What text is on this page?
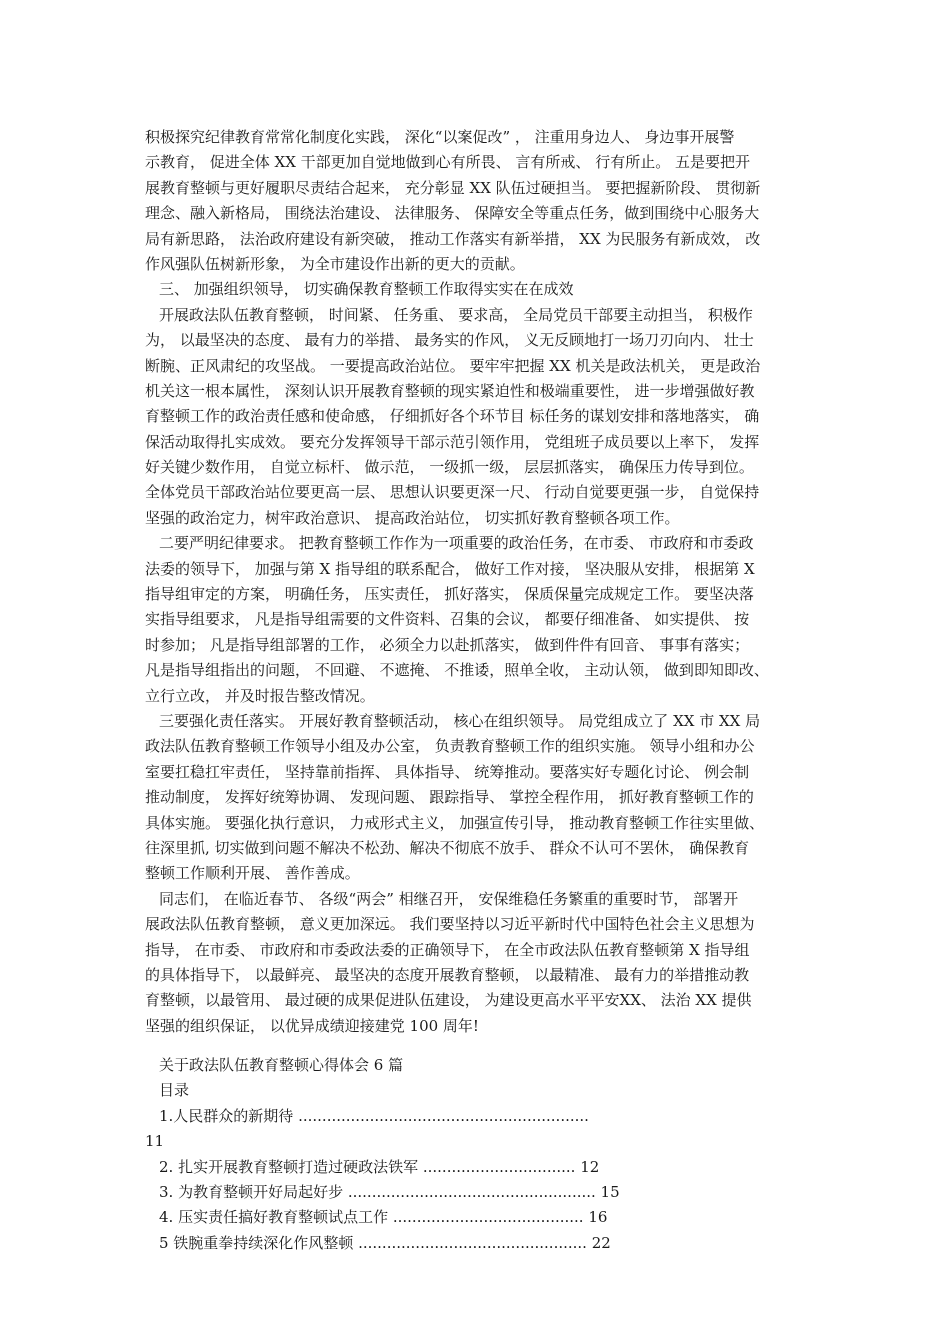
积极探究纪律教育常常化制度化实践， 深化“以案促改” ， 注重用身边人、 身边事开展警
示教育， 促进全体 XX 干部更加自觉地做到心有所畏、 言有所戒、 行有所止。 五是要把开
展教育整顿与更好履职尽责结合起来， 充分彰显 XX 队伍过硬担当。 要把握新阶段、 贯彻新
理念、融入新格局， 围绕法治建设、 法律服务、 保障安全等重点任务，做到围绕中心服务大
局有新思路， 法治政府建设有新突破， 推动工作落实有新举措， XX 为民服务有新成效， 改
作风强队伍树新形象， 为全市建设作出新的更大的贡献。
三、 加强组织领导， 切实确保教育整顿工作取得实实在在成效
开展政法队伍教育整顿， 时间紧、 任务重、 要求高， 全局党员干部要主动担当， 积极作
为， 以最坚决的态度、 最有力的举措、 最务实的作风， 义无反顾地打一场刀刃向内、 壮士
断腕、正风肃纪的攻坚战。 一要提高政治站位。 要牢牢把握 XX 机关是政法机关， 更是政治
机关这一根本属性， 深刻认识开展教育整顿的现实紧迫性和极端重要性， 进一步增强做好教
育整顿工作的政治责任感和使命感， 仔细抓好各个环节目 标任务的谋划安排和落地落实， 确
保活动取得扎实成效。 要充分发挥领导干部示范引领作用， 党组班子成员要以上率下， 发挥
好关键少数作用， 自觉立标杆、 做示范， 一级抓一级， 层层抓落实， 确保压力传导到位。
全体党员干部政治站位要更高一层、 思想认识要更深一尺、 行动自觉要更强一步， 自觉保持
坚强的政治定力，树牢政治意识、 提高政治站位， 切实抓好教育整顿各项工作。
二要严明纪律要求。 把教育整顿工作作为一项重要的政治任务，在市委、 市政府和市委政
法委的领导下， 加强与第 X 指导组的联系配合， 做好工作对接， 坚决服从安排， 根据第 X
指导组审定的方案， 明确任务， 压实责任， 抓好落实， 保质保量完成规定工作。 要坚决落
实指导组要求， 凡是指导组需要的文件资料、召集的会议， 都要仔细准备、 如实提供、 按
时参加； 凡是指导组部署的工作， 必须全力以赴抓落实， 做到件件有回音、 事事有落实；
凡是指导组指出的问题， 不回避、 不遮掩、 不推诿，照单全收， 主动认领， 做到即知即改、
立行立改， 并及时报告整改情况。
三要强化责任落实。 开展好教育整顿活动， 核心在组织领导。 局党组成立了 XX 市 XX 局
政法队伍教育整顿工作领导小组及办公室， 负责教育整顿工作的组织实施。 领导小组和办公
室要扛稳扛牢责任， 坚持靠前指挥、 具体指导、 统筹推动。要落实好专题化讨论、 例会制
推动制度， 发挥好统筹协调、 发现问题、 跟踪指导、 掌控全程作用， 抓好教育整顿工作的
具体实施。 要强化执行意识， 力戒形式主义， 加强宣传引导， 推动教育整顿工作往实里做、
往深里抓, 切实做到问题不解决不松劲、解决不彻底不放手、 群众不认可不罢休， 确保教育
整顿工作顺利开展、 善作善成。
同志们， 在临近春节、 各级“两会” 相继召开， 安保维稳任务繁重的重要时节， 部署开
展政法队伍教育整顿， 意义更加深远。 我们要坚持以习近平新时代中国特色社会主义思想为
指导， 在市委、 市政府和市委政法委的正确领导下， 在全市政法队伍教育整顿第 X 指导组
的具体指导下， 以最鲜亮、 最坚决的态度开展教育整顿， 以最精准、 最有力的举措推动教
育整顿，以最管用、 最过硬的成果促进队伍建设， 为建设更高水平平安XX、 法治 XX 提供
坚强的组织保证， 以优异成绩迎接建党 100 周年!
关于政法队伍教育整顿心得体会 6 篇
目录
1.人民群众的新期待 .............................................................
11
2. 扎实开展教育整顿打造过硬政法铁军 ................................ 12
3. 为教育整顿开好局起好步 .................................................... 15
4. 压实责任搞好教育整顿试点工作 ........................................ 16
5 铁腕重拳持续深化作风整顿 ................................................ 22
